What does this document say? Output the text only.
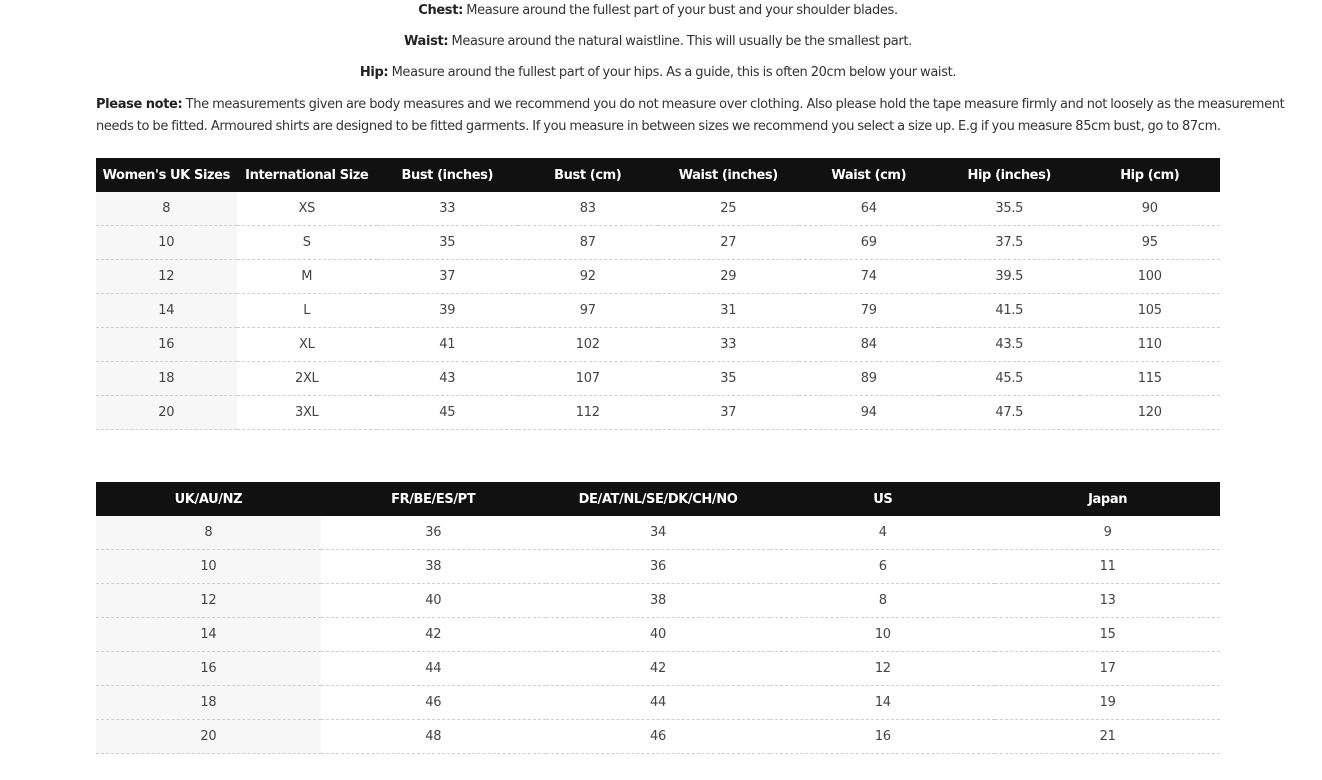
Chest: Measure around the fullest part of your bust and your shoulder blades.

Waist: Measure around the natural waistline. This will usually be the smallest part.

Hip: Measure around the fullest part of your hips. As a guide, this is often 20cm below your waist.

Please note: The measurements given are body measures and we recommend you do not measure over clothing. Also please hold the tape measure firmly and not loosely as the measurement
needs to be fitted. Armoured shirts are designed to be fitted garments. If you measure in between sizes we recommend you select a size up. E.g if you measure 85cm bust, go to 87cm.

Women's UK Sizes	International Size	Bust (inches)	Bust (cm)	Waist (inches)	Waist (cm)	Hip (inches)	Hip (cm)
8	XS	33	83	25	64	35.5	90
10	S	35	87	27	69	37.5	95
12	M	37	92	29	74	39.5	100
14	L	39	97	31	79	41.5	105
16	XL	41	102	33	84	43.5	110
18	2XL	43	107	35	89	45.5	115
20	3XL	45	112	37	94	47.5	120
UK/AU/NZ	FR/BE/ES/PT	DE/AT/NL/SE/DK/CH/NO	US	Japan
8	36	34	4	9
10	38	36	6	11
12	40	38	8	13
14	42	40	10	15
16	44	42	12	17
18	46	44	14	19
20	48	46	16	21
